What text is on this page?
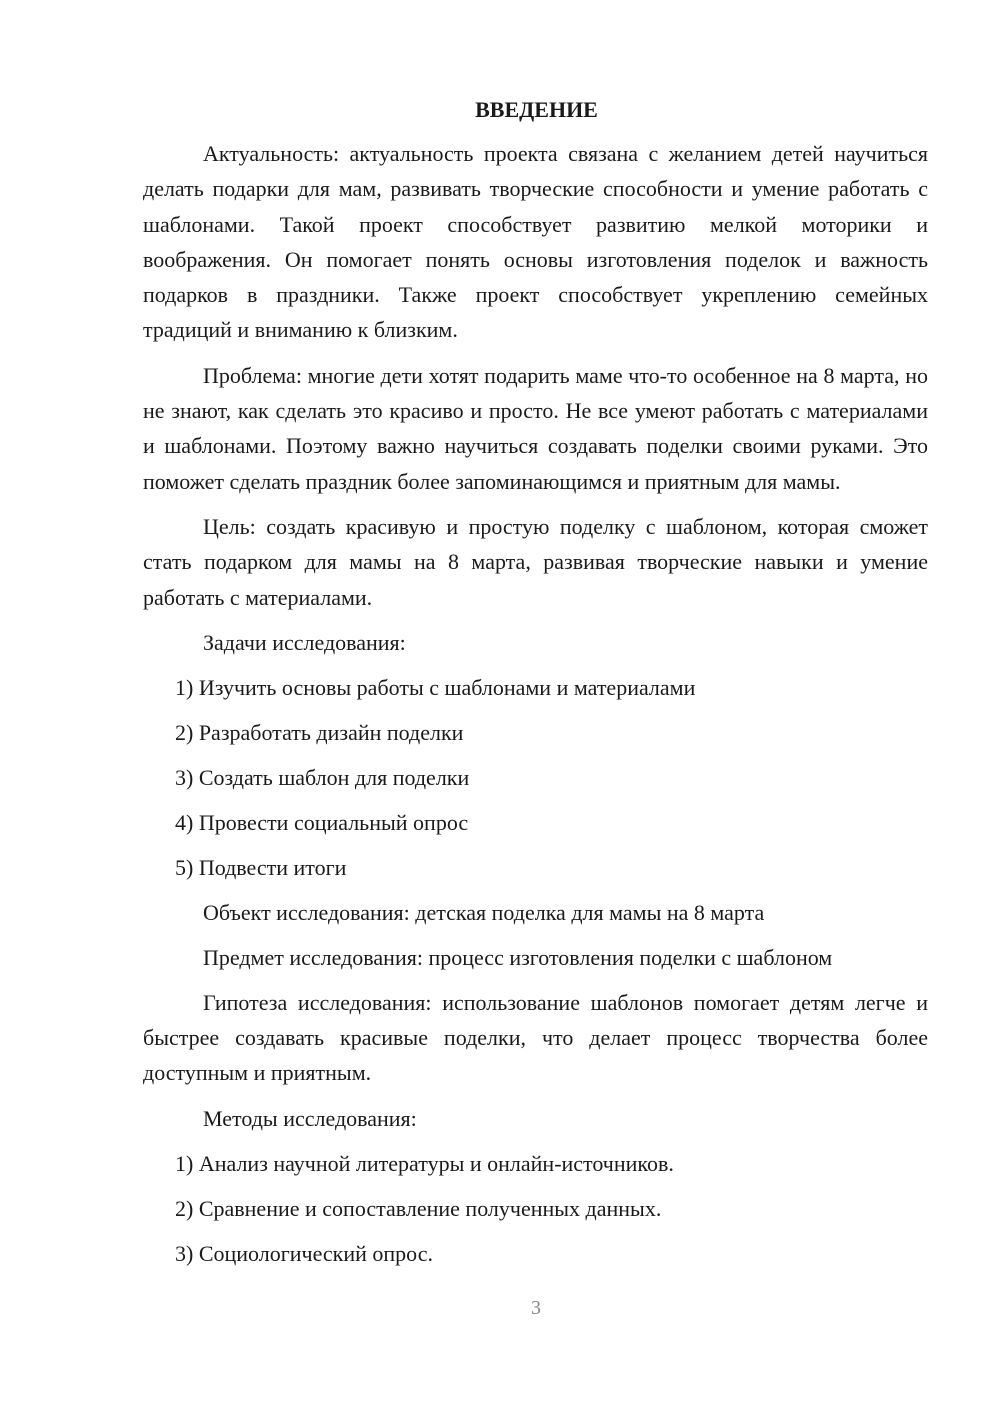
ВВЕДЕНИЕ

Актуальность: актуальность проекта связана с желанием детей научиться делать подарки для мам, развивать творческие способности и умение работать с шаблонами. Такой проект способствует развитию мелкой моторики и воображения. Он помогает понять основы изготовления поделок и важность подарков в праздники. Также проект способствует укреплению семейных традиций и вниманию к близким.

Проблема: многие дети хотят подарить маме что-то особенное на 8 марта, но не знают, как сделать это красиво и просто. Не все умеют работать с материалами и шаблонами. Поэтому важно научиться создавать поделки своими руками. Это поможет сделать праздник более запоминающимся и приятным для мамы.

Цель: создать красивую и простую поделку с шаблоном, которая сможет стать подарком для мамы на 8 марта, развивая творческие навыки и умение работать с материалами.

Задачи исследования:
1) Изучить основы работы с шаблонами и материалами
2) Разработать дизайн поделки
3) Создать шаблон для поделки
4) Провести социальный опрос
5) Подвести итоги
Объект исследования: детская поделка для мамы на 8 марта
Предмет исследования: процесс изготовления поделки с шаблоном

Гипотеза исследования: использование шаблонов помогает детям легче и быстрее создавать красивые поделки, что делает процесс творчества более доступным и приятным.

Методы исследования:
1) Анализ научной литературы и онлайн-источников.
2) Сравнение и сопоставление полученных данных.
3) Социологический опрос.
3
